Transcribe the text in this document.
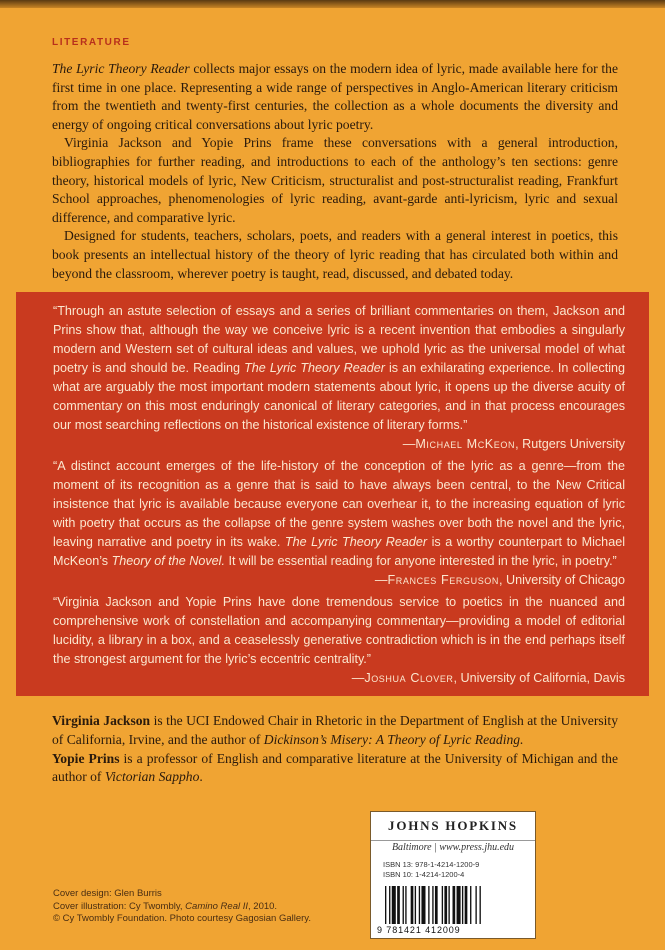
LITERATURE

The Lyric Theory Reader collects major essays on the modern idea of lyric, made available here for the first time in one place. Representing a wide range of perspectives in Anglo-American literary criticism from the twentieth and twenty-first centuries, the collection as a whole documents the diversity and energy of ongoing critical conversations about lyric poetry.

Virginia Jackson and Yopie Prins frame these conversations with a general introduction, bibliographies for further reading, and introductions to each of the anthology’s ten sections: genre theory, historical models of lyric, New Criticism, structuralist and post-structuralist reading, Frankfurt School approaches, phenomenologies of lyric reading, avant-garde anti-lyricism, lyric and sexual difference, and comparative lyric.

Designed for students, teachers, scholars, poets, and readers with a general interest in poetics, this book presents an intellectual history of the theory of lyric reading that has circulated both within and beyond the classroom, wherever poetry is taught, read, discussed, and debated today.

“Through an astute selection of essays and a series of brilliant commentaries on them, Jackson and Prins show that, although the way we conceive lyric is a recent invention that embodies a singularly modern and Western set of cultural ideas and values, we uphold lyric as the universal model of what poetry is and should be. Reading The Lyric Theory Reader is an exhilarating experience. In collecting what are arguably the most important modern statements about lyric, it opens up the diverse acuity of commentary on this most enduringly canonical of literary categories, and in that process encourages our most searching reflections on the historical existence of literary forms.”
—Michael McKeon, Rutgers University
“A distinct account emerges of the life-history of the conception of the lyric as a genre—from the moment of its recognition as a genre that is said to have always been central, to the New Critical insistence that lyric is available because everyone can overhear it, to the increasing equation of lyric with poetry that occurs as the collapse of the genre system washes over both the novel and the lyric, leaving narrative and poetry in its wake. The Lyric Theory Reader is a worthy counterpart to Michael McKeon’s Theory of the Novel. It will be essential reading for anyone interested in the lyric, in poetry.”
—Frances Ferguson, University of Chicago
“Virginia Jackson and Yopie Prins have done tremendous service to poetics in the nuanced and comprehensive work of constellation and accompanying commentary—providing a model of editorial lucidity, a library in a box, and a ceaselessly generative contradiction which is in the end perhaps itself the strongest argument for the lyric’s eccentric centrality.”
—Joshua Clover, University of California, Davis

Virginia Jackson is the UCI Endowed Chair in Rhetoric in the Department of English at the University of California, Irvine, and the author of Dickinson’s Misery: A Theory of Lyric Reading.

Yopie Prins is a professor of English and comparative literature at the University of Michigan and the author of Victorian Sappho.

Cover design: Glen Burris
Cover illustration: Cy Twombly, Camino Real II, 2010.
© Cy Twombly Foundation. Photo courtesy Gagosian Gallery.
JOHNS HOPKINS
Baltimore | www.press.jhu.edu
ISBN 13: 978-1-4214-1200-9
ISBN 10: 1-4214-1200-4
9 781421 412009
